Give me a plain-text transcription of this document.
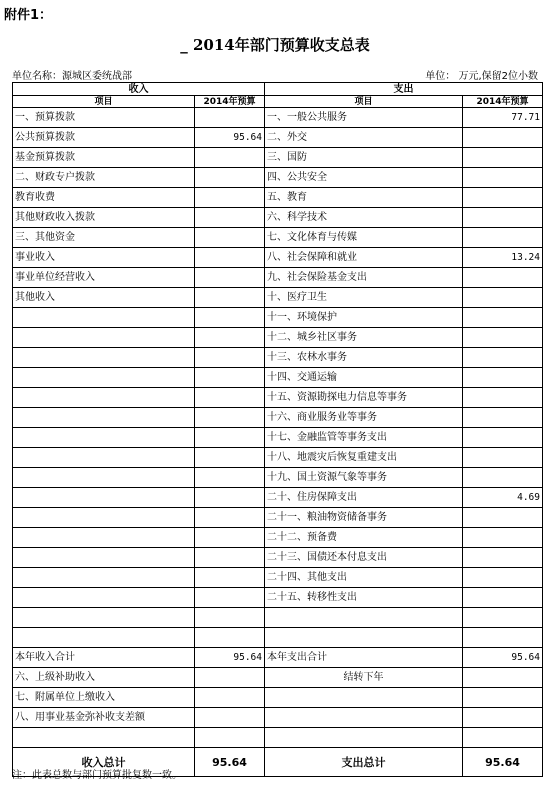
附件1：
_ 2014年部门预算收支总表
单位名称：源城区委统战部	单位： 万元,保留2位小数
收入		支出	
项目	2014年预算	项目	2014年预算
一、预算拨款		一、一般公共服务	77.71
公共预算拨款	95.64	二、外交	
基金预算拨款		三、国防	
二、财政专户拨款		四、公共安全	
教育收费		五、教育	
其他财政收入拨款		六、科学技术	
三、其他资金		七、文化体育与传媒	
事业收入		八、社会保障和就业	13.24
事业单位经营收入		九、社会保险基金支出	
其他收入		十、医疗卫生	
		十一、环境保护	
		十二、城乡社区事务	
		十三、农林水事务	
		十四、交通运输	
		十五、资源勘探电力信息等事务	
		十六、商业服务业等事务	
		十七、金融监管等事务支出	
		十八、地震灾后恢复重建支出	
		十九、国土资源气象等事务	
		二十、住房保障支出	4.69
		二十一、粮油物资储备事务	
		二十二、预备费	
		二十三、国债还本付息支出	
		二十四、其他支出	
		二十五、转移性支出	

本年收入合计	95.64	本年支出合计	95.64
六、上级补助收入		结转下年	
七、附属单位上缴收入			
八、用事业基金弥补收支差额			

收入总计	95.64	支出总计	95.64
注：此表总数与部门预算批复数一致。
